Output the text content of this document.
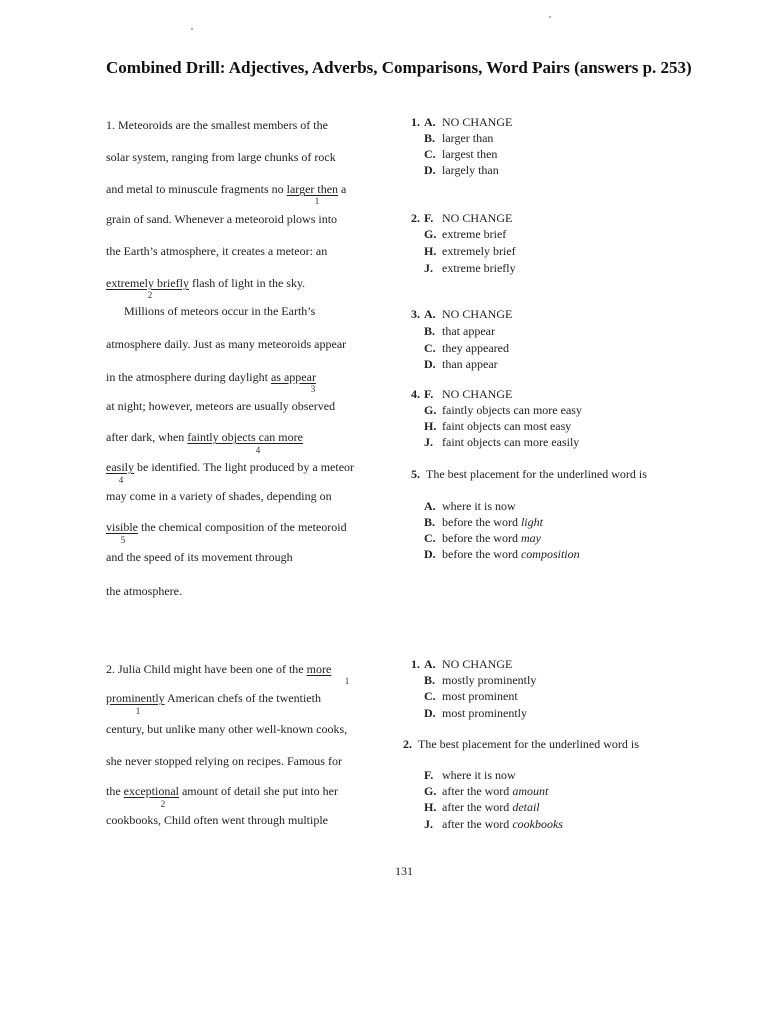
Combined Drill: Adjectives, Adverbs, Comparisons, Word Pairs (answers p. 253)
1. Meteoroids are the smallest members of the
solar system, ranging from large chunks of rock
and metal to minuscule fragments no larger then a
1
grain of sand. Whenever a meteoroid plows into
the Earth’s atmosphere, it creates a meteor: an
extremely briefly flash of light in the sky.
2
Millions of meteors occur in the Earth’s
atmosphere daily. Just as many meteoroids appear
in the atmosphere during daylight as appear
3
at night; however, meteors are usually observed
after dark, when faintly objects can more
4
easily be identified. The light produced by a meteor
4
may come in a variety of shades, depending on
visible the chemical composition of the meteoroid
5
and the speed of its movement through
the atmosphere.
1. A. NO CHANGE
B. larger than
C. largest then
D. largely than
2. F. NO CHANGE
G. extreme brief
H. extremely brief
J. extreme briefly
3. A. NO CHANGE
B. that appear
C. they appeared
D. than appear
4. F. NO CHANGE
G. faintly objects can more easy
H. faint objects can most easy
J. faint objects can more easily
5. The best placement for the underlined word is
A. where it is now
B. before the word light
C. before the word may
D. before the word composition
2. Julia Child might have been one of the more
1
prominently American chefs of the twentieth
1
century, but unlike many other well-known cooks,
she never stopped relying on recipes. Famous for
the exceptional amount of detail she put into her
2
cookbooks, Child often went through multiple
1. A. NO CHANGE
B. mostly prominently
C. most prominent
D. most prominently
2. The best placement for the underlined word is
F. where it is now
G. after the word amount
H. after the word detail
J. after the word cookbooks
131
